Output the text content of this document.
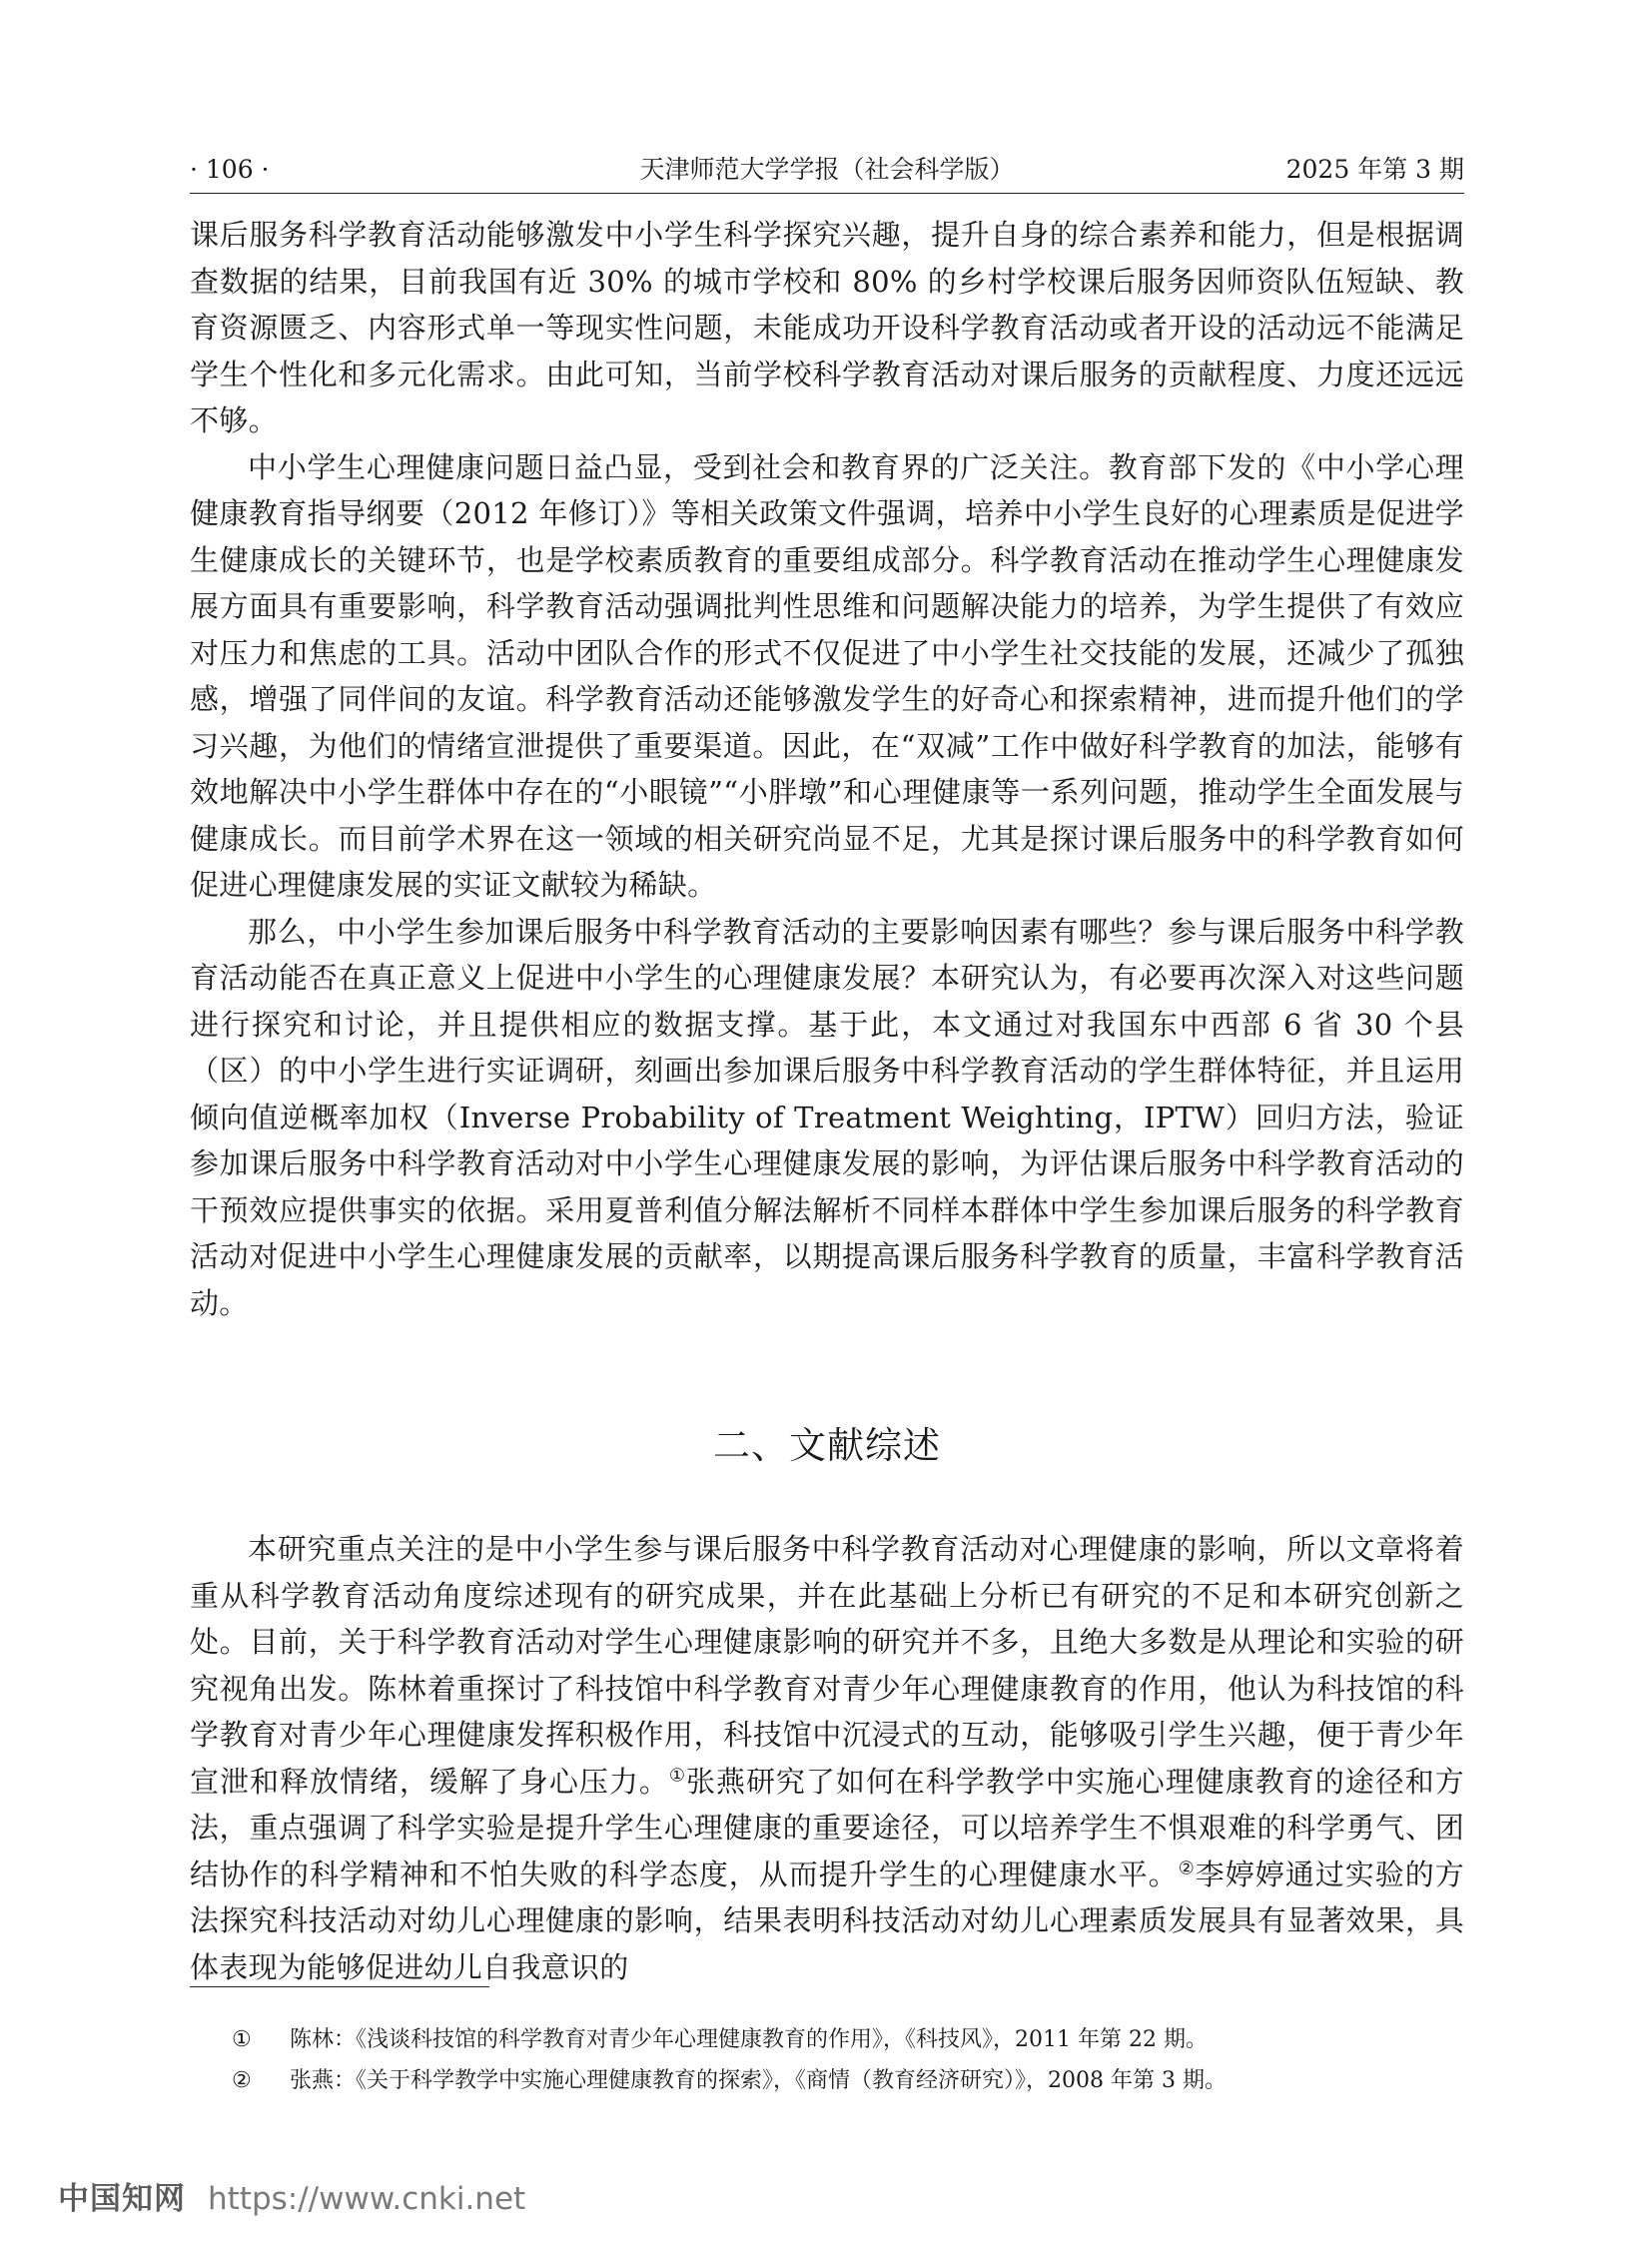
· 106 ·	天津师范大学学报（社会科学版）	2025 年第 3 期

课后服务科学教育活动能够激发中小学生科学探究兴趣，提升自身的综合素养和能力，但是根据调查数据的结果，目前我国有近 30% 的城市学校和 80% 的乡村学校课后服务因师资队伍短缺、教育资源匮乏、内容形式单一等现实性问题，未能成功开设科学教育活动或者开设的活动远不能满足学生个性化和多元化需求。由此可知，当前学校科学教育活动对课后服务的贡献程度、力度还远远不够。

中小学生心理健康问题日益凸显，受到社会和教育界的广泛关注。教育部下发的《中小学心理健康教育指导纲要（2012 年修订）》等相关政策文件强调，培养中小学生良好的心理素质是促进学生健康成长的关键环节，也是学校素质教育的重要组成部分。科学教育活动在推动学生心理健康发展方面具有重要影响，科学教育活动强调批判性思维和问题解决能力的培养，为学生提供了有效应对压力和焦虑的工具。活动中团队合作的形式不仅促进了中小学生社交技能的发展，还减少了孤独感，增强了同伴间的友谊。科学教育活动还能够激发学生的好奇心和探索精神，进而提升他们的学习兴趣，为他们的情绪宣泄提供了重要渠道。因此，在“双减”工作中做好科学教育的加法，能够有效地解决中小学生群体中存在的“小眼镜”“小胖墩”和心理健康等一系列问题，推动学生全面发展与健康成长。而目前学术界在这一领域的相关研究尚显不足，尤其是探讨课后服务中的科学教育如何促进心理健康发展的实证文献较为稀缺。

那么，中小学生参加课后服务中科学教育活动的主要影响因素有哪些？参与课后服务中科学教育活动能否在真正意义上促进中小学生的心理健康发展？本研究认为，有必要再次深入对这些问题进行探究和讨论，并且提供相应的数据支撑。基于此，本文通过对我国东中西部 6 省 30 个县（区）的中小学生进行实证调研，刻画出参加课后服务中科学教育活动的学生群体特征，并且运用倾向值逆概率加权（Inverse Probability of Treatment Weighting，IPTW）回归方法，验证参加课后服务中科学教育活动对中小学生心理健康发展的影响，为评估课后服务中科学教育活动的干预效应提供事实的依据。采用夏普利值分解法解析不同样本群体中学生参加课后服务的科学教育活动对促进中小学生心理健康发展的贡献率，以期提高课后服务科学教育的质量，丰富科学教育活动。

二、文献综述

本研究重点关注的是中小学生参与课后服务中科学教育活动对心理健康的影响，所以文章将着重从科学教育活动角度综述现有的研究成果，并在此基础上分析已有研究的不足和本研究创新之处。目前，关于科学教育活动对学生心理健康影响的研究并不多，且绝大多数是从理论和实验的研究视角出发。陈林着重探讨了科技馆中科学教育对青少年心理健康教育的作用，他认为科技馆的科学教育对青少年心理健康发挥积极作用，科技馆中沉浸式的互动，能够吸引学生兴趣，便于青少年宣泄和释放情绪，缓解了身心压力。①张燕研究了如何在科学教学中实施心理健康教育的途径和方法，重点强调了科学实验是提升学生心理健康的重要途径，可以培养学生不惧艰难的科学勇气、团结协作的科学精神和不怕失败的科学态度，从而提升学生的心理健康水平。②李婷婷通过实验的方法探究科技活动对幼儿心理健康的影响，结果表明科技活动对幼儿心理素质发展具有显著效果，具体表现为能够促进幼儿自我意识的

① 陈林：《浅谈科技馆的科学教育对青少年心理健康教育的作用》，《科技风》，2011 年第 22 期。

② 张燕：《关于科学教学中实施心理健康教育的探索》，《商情（教育经济研究）》，2008 年第 3 期。

中国知网 https://www.cnki.net
